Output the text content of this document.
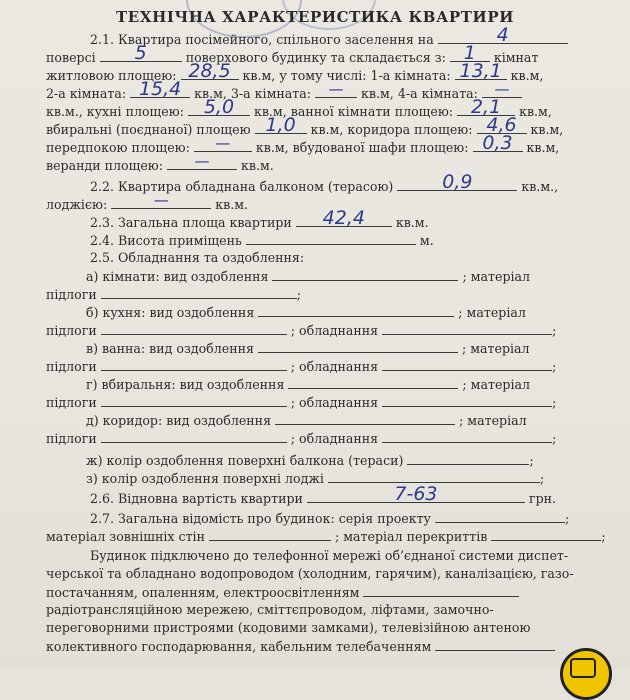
ТЕХНІЧНА ХАРАКТЕРИСТИКА КВАРТИРИ
2.1. Квартира посімейного, спільного заселення на	4
поверсі	5	поверхового будинку та складається з: 1	кімнат
житловою площею: 28,5 кв.м, у тому числі: 1-а кімната: 13,1 кв.м,
2-а кімната: 15,4	кв.м, 3-а кімната:	—	кв.м, 4-а кімната:	—
кв.м., кухні площею:	5,0	кв.м, ванної кімнати площею: 2,1	кв.м,
вбиральні (поєднаної) площею 1,0	кв.м, коридора площею: 4,6	кв.м,
передпокою площею:	—	кв.м, вбудованої шафи площею: 0,3	кв.м,
веранди площею:	—	кв.м.
2.2. Квартира обладнана балконом (терасою)	0,9	кв.м.,
лоджією:	—	кв.м.
2.3. Загальна площа квартири	42,4	кв.м.
2.4. Висота приміщень	м.
2.5. Обладнання та оздоблення:
а) кімнати: вид оздоблення	; матеріал
підлоги	;
б) кухня: вид оздоблення	; матеріал
підлоги	; обладнання	;
в) ванна: вид оздоблення	; матеріал
підлоги	; обладнання	;
г) вбиральня: вид оздоблення	; матеріал
підлоги	; обладнання	;
д) коридор: вид оздоблення	; матеріал
підлоги	; обладнання	;
ж) колір оздоблення поверхні балкона (тераси)	;
з) колір оздоблення поверхні лоджі	;
2.6. Відновна вартість квартири	7-63	грн.
2.7. Загальна відомість про будинок: серія проекту	;
матеріал зовнішніх стін	; матеріал перекриттів	;
Будинок підключено до телефонної мережі об’єднаної системи диспет-
черської та обладнано водопроводом (холодним, гарячим), каналізацією, газо-
постачанням, опаленням, електроосвітленням
радіотрансляційною мережею, сміттєпроводом, ліфтами, замочно-
переговорними пристроями (кодовими замками), телевізійною антеною
колективного господарювання, кабельним телебаченням
